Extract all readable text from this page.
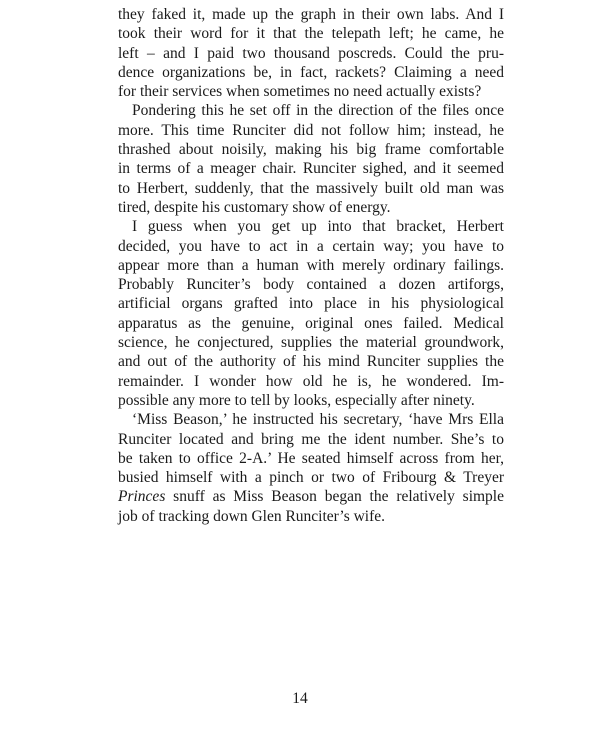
they faked it, made up the graph in their own labs. And I
took their word for it that the telepath left; he came, he
left – and I paid two thousand poscreds. Could the pru-
dence organizations be, in fact, rackets? Claiming a need
for their services when sometimes no need actually exists?
Pondering this he set off in the direction of the files once
more. This time Runciter did not follow him; instead, he
thrashed about noisily, making his big frame comfortable
in terms of a meager chair. Runciter sighed, and it seemed
to Herbert, suddenly, that the massively built old man was
tired, despite his customary show of energy.
I guess when you get up into that bracket, Herbert
decided, you have to act in a certain way; you have to
appear more than a human with merely ordinary failings.
Probably Runciter’s body contained a dozen artiforgs,
artificial organs grafted into place in his physiological
apparatus as the genuine, original ones failed. Medical
science, he conjectured, supplies the material groundwork,
and out of the authority of his mind Runciter supplies the
remainder. I wonder how old he is, he wondered. Im-
possible any more to tell by looks, especially after ninety.
‘Miss Beason,’ he instructed his secretary, ‘have Mrs Ella
Runciter located and bring me the ident number. She’s to
be taken to office 2-A.’ He seated himself across from her,
busied himself with a pinch or two of Fribourg & Treyer
Princes snuff as Miss Beason began the relatively simple
job of tracking down Glen Runciter’s wife.
14
